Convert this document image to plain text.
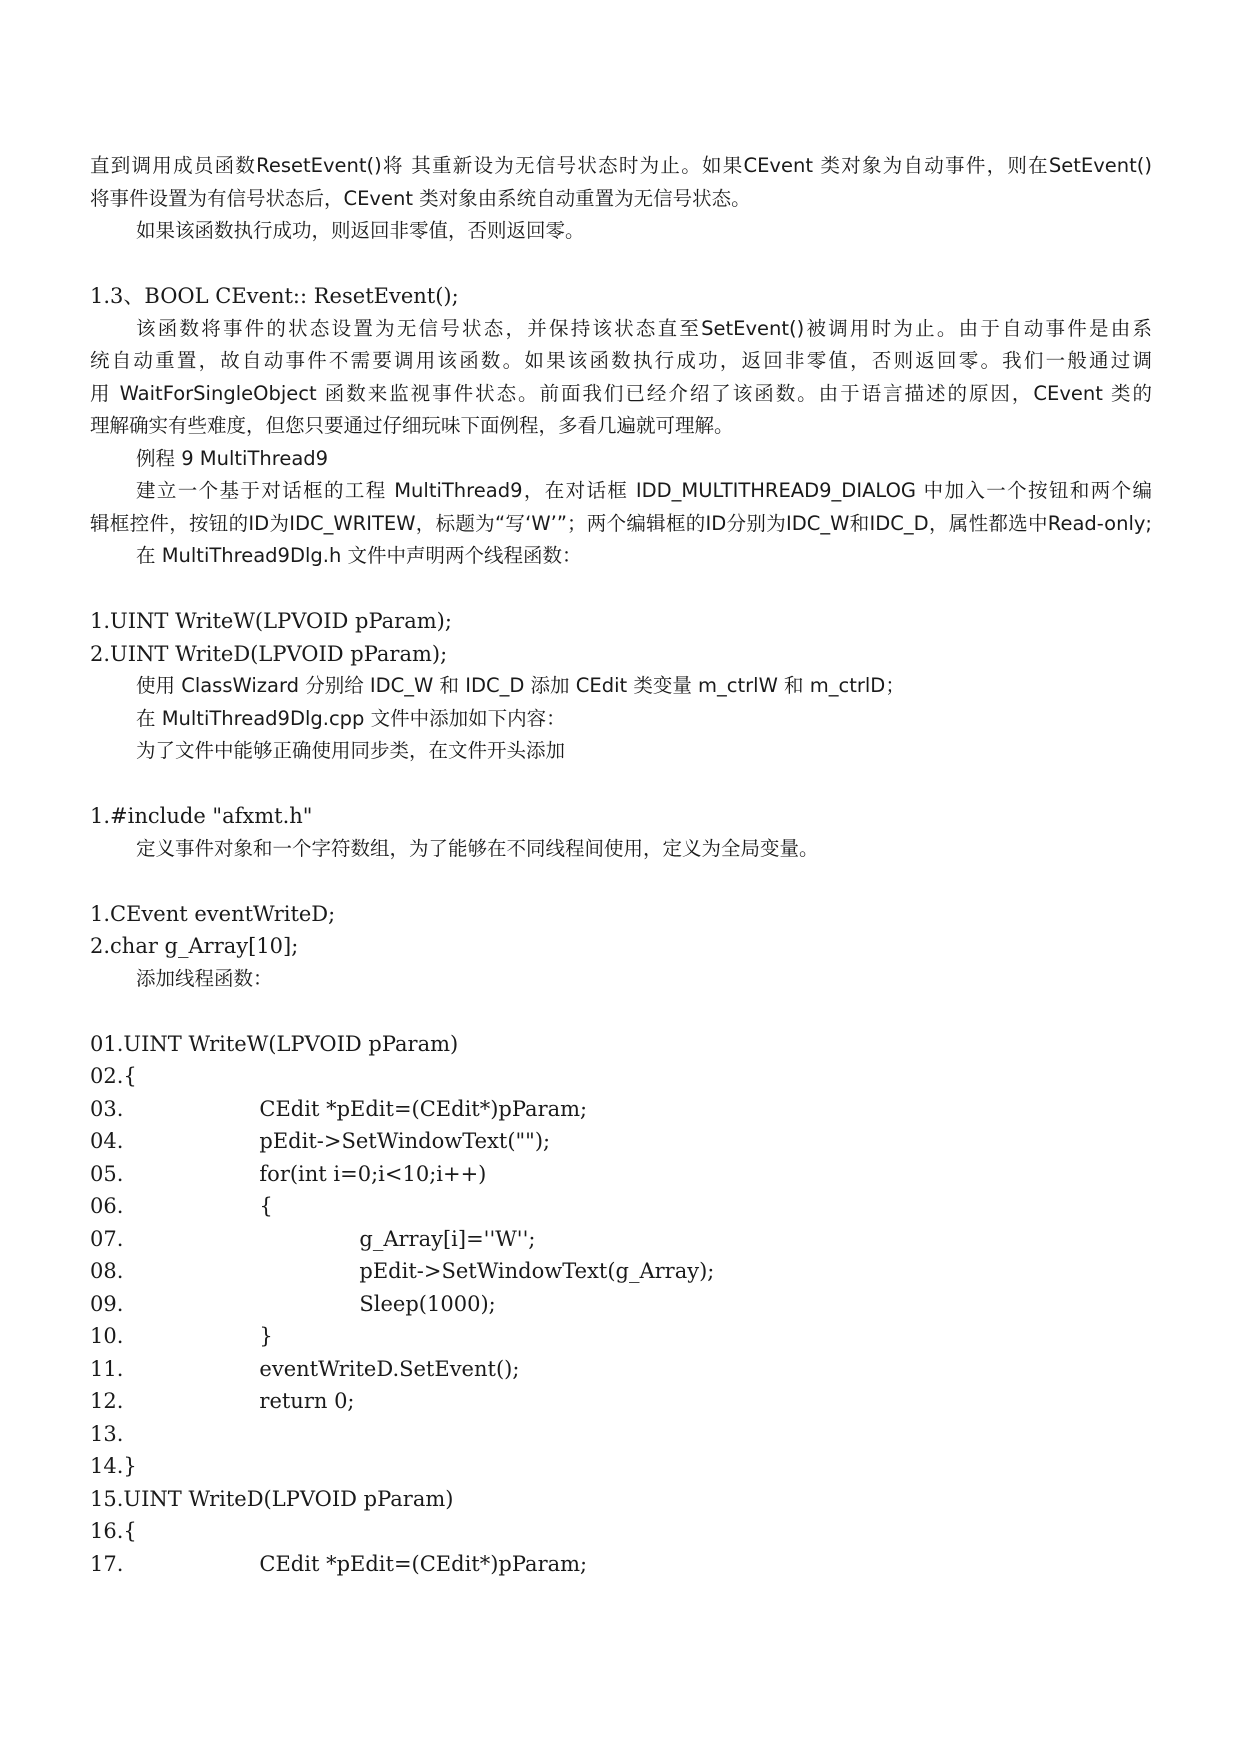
直到调用成员函数ResetEvent()将 其重新设为无信号状态时为止。如果CEvent 类对象为自动事件，则在SetEvent()
将事件设置为有信号状态后，CEvent 类对象由系统自动重置为无信号状态。
如果该函数执行成功，则返回非零值，否则返回零。
1.3、BOOL CEvent:: ResetEvent();
该函数将事件的状态设置为无信号状态，并保持该状态直至SetEvent()被调用时为止。由于自动事件是由系
统自动重置，故自动事件不需要调用该函数。如果该函数执行成功，返回非零值，否则返回零。我们一般通过调
用 WaitForSingleObject 函数来监视事件状态。前面我们已经介绍了该函数。由于语言描述的原因，CEvent 类的
理解确实有些难度，但您只要通过仔细玩味下面例程，多看几遍就可理解。
例程 9 MultiThread9
建立一个基于对话框的工程 MultiThread9，在对话框 IDD_MULTITHREAD9_DIALOG 中加入一个按钮和两个编
辑框控件，按钮的ID为IDC_WRITEW，标题为“写‘W’”；两个编辑框的ID分别为IDC_W和IDC_D，属性都选中Read-only;
在 MultiThread9Dlg.h 文件中声明两个线程函数：
1.UINT WriteW(LPVOID pParam);
2.UINT WriteD(LPVOID pParam);
使用 ClassWizard 分别给 IDC_W 和 IDC_D 添加 CEdit 类变量 m_ctrlW 和 m_ctrlD；
在 MultiThread9Dlg.cpp 文件中添加如下内容：
为了文件中能够正确使用同步类，在文件开头添加
1.#include "afxmt.h"
定义事件对象和一个字符数组，为了能够在不同线程间使用，定义为全局变量。
1.CEvent eventWriteD;
2.char g_Array[10];
添加线程函数：
01.UINT WriteW(LPVOID pParam)
02.{
03.	CEdit *pEdit=(CEdit*)pParam;
04.	pEdit->SetWindowText("");
05.	for(int i=0;i<10;i++)
06.	{
07.	g_Array[i]=''W'';
08.	pEdit->SetWindowText(g_Array);
09.	Sleep(1000);
10.	}
11.	eventWriteD.SetEvent();
12.	return 0;
13.
14.}
15.UINT WriteD(LPVOID pParam)
16.{
17.	CEdit *pEdit=(CEdit*)pParam;
